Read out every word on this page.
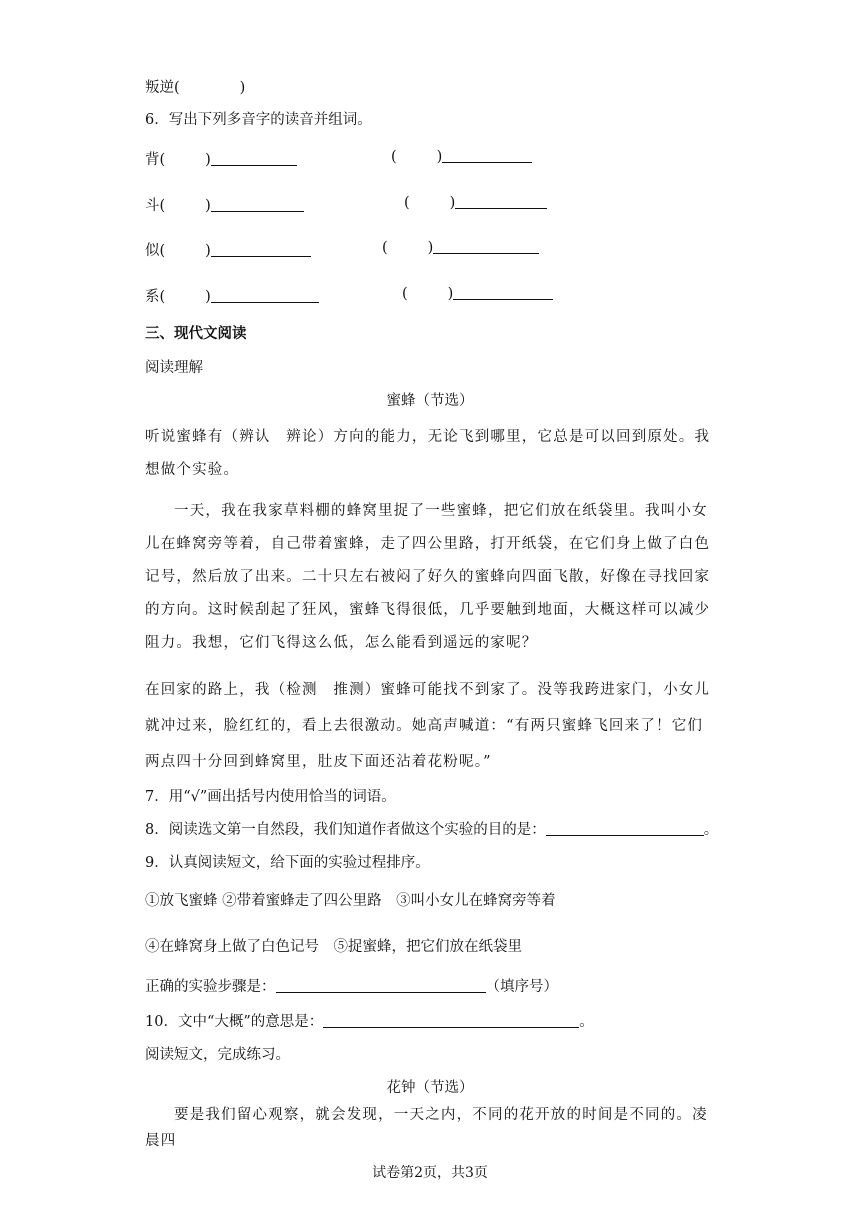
叛逆(	)
6．写出下列多音字的读音并组词。
背(	)	(	)
斗(	)	(	)
似(	)	(	)
系(	)	(	)
三、现代文阅读
阅读理解
蜜蜂（节选）
听说蜜蜂有（辨认　辨论）方向的能力，无论飞到哪里，它总是可以回到原处。我想做个实验。
一天，我在我家草料棚的蜂窝里捉了一些蜜蜂，把它们放在纸袋里。我叫小女儿在蜂窝旁等着，自己带着蜜蜂，走了四公里路，打开纸袋，在它们身上做了白色记号，然后放了出来。二十只左右被闷了好久的蜜蜂向四面飞散，好像在寻找回家的方向。这时候刮起了狂风，蜜蜂飞得很低，几乎要触到地面，大概这样可以减少阻力。我想，它们飞得这么低，怎么能看到遥远的家呢？
在回家的路上，我（检测　推测）蜜蜂可能找不到家了。没等我跨进家门，小女儿就冲过来，脸红红的，看上去很激动。她高声喊道：“有两只蜜蜂飞回来了！它们两点四十分回到蜂窝里，肚皮下面还沾着花粉呢。”
7．用“√”画出括号内使用恰当的词语。
8．阅读选文第一自然段，我们知道作者做这个实验的目的是：	。
9．认真阅读短文，给下面的实验过程排序。
①放飞蜜蜂 ②带着蜜蜂走了四公里路　③叫小女儿在蜂窝旁等着
④在蜂窝身上做了白色记号　⑤捉蜜蜂，把它们放在纸袋里
正确的实验步骤是：	（填序号）
10．文中“大概”的意思是：	。
阅读短文，完成练习。
花钟（节选）
要是我们留心观察，就会发现，一天之内，不同的花开放的时间是不同的。凌晨四
试卷第2页，共3页
